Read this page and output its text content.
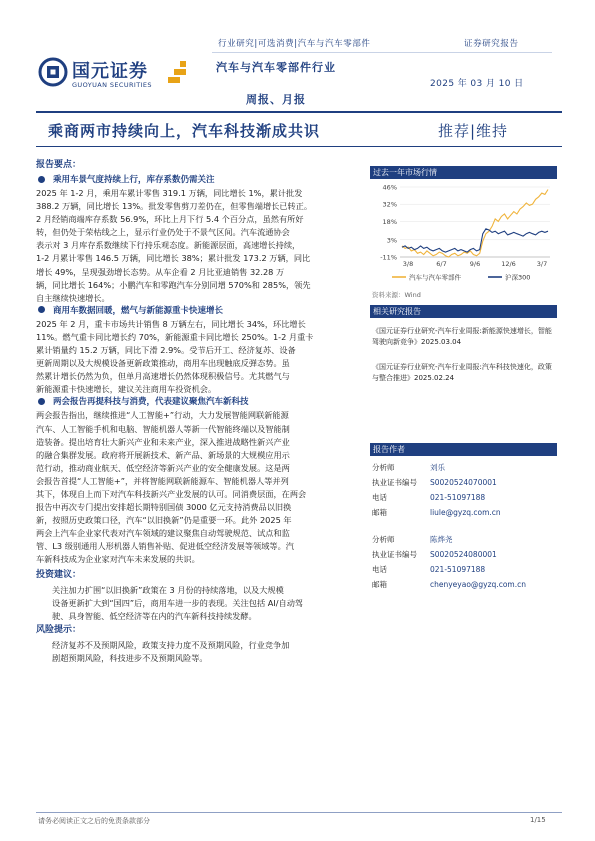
行业研究|可选消费|汽车与汽车零部件	证券研究报告
国元证券
GUOYUAN SECURITIES
汽车与汽车零部件行业
2025 年 03 月 10 日
周报、月报
乘商两市持续向上，汽车科技渐成共识	推荐|维持
报告要点：
乘用车景气度持续上行，库存系数仍需关注
2025 年 1-2 月，乘用车累计零售 319.1 万辆，同比增长 1%，累计批发
388.2 万辆，同比增长 13%。批发零售剪刀差仍在，但零售端增长已转正。
2 月经销商端库存系数 56.9%，环比上月下行 5.4 个百分点，虽然有所好
转，但仍处于荣枯线之上，显示行业仍处于不景气区间。汽车流通协会
表示对 3 月库存系数继续下行持乐观态度。新能源层面，高速增长持续，
1-2 月累计零售 146.5 万辆，同比增长 38%；累计批发 173.2 万辆，同比
增长 49%，呈现强劲增长态势。从车企看 2 月比亚迪销售 32.28 万
辆，同比增长 164%；小鹏汽车和零跑汽车分别同增 570%和 285%，领先
自主继续快速增长。
商用车数据回暖，燃气与新能源重卡快速增长
2025 年 2 月，重卡市场共计销售 8 万辆左右，同比增长 34%，环比增长
11%。燃气重卡同比增长约 70%，新能源重卡同比增长 250%。1-2 月重卡
累计销量约 15.2 万辆，同比下滑 2.9%。受节后开工、经济复苏、设备
更新周期以及大规模设备更新政策推动，商用车出现触底反弹态势。虽
然累计增长仍然为负，但单月高速增长仍然体现积极信号。尤其燃气与
新能源重卡快速增长，建议关注商用车投资机会。
两会报告再提科技与消费，代表建议聚焦汽车新科技
两会报告指出，继续推进“人工智能+”行动，大力发展智能网联新能源
汽车、人工智能手机和电脑、智能机器人等新一代智能终端以及智能制
造装备。提出培育壮大新兴产业和未来产业，深入推进战略性新兴产业
的融合集群发展。政府将开展新技术、新产品、新场景的大规模应用示
范行动，推动商业航天、低空经济等新兴产业的安全健康发展。这是两
会报告首提“人工智能+”，并将智能网联新能源车、智能机器人等并列
其下，体现自上而下对汽车科技新兴产业发展的认可。同消费层面，在两会
报告中再次专门提出安排超长期特别国债 3000 亿元支持消费品以旧换
新，按照历史政策口径，汽车“以旧换新”仍是重要一环。此外 2025 年
两会上汽车企业家代表对汽车领域的建议聚焦自动驾驶规范、试点和监
管、L3 级别通用人形机器人销售补贴、促进低空经济发展等领域等。汽
车新科技成为企业家对汽车未来发展的共识。
投资建议：
关注加力扩围“以旧换新”政策在 3 月份的持续落地，以及大规模
设备更新扩大到“国四”后，商用车进一步的表现。关注包括 AI/自动驾
驶、具身智能、低空经济等在内的汽车新科技持续发酵。
风险提示：
经济复苏不及预期风险，政策支持力度不及预期风险，行业竞争加
剧超预期风险，科技进步不及预期风险等。
过去一年市场行情
-11%
3%
18%
32%
46%
3/8	6/7	9/6	12/6	3/7
汽车与汽车零部件	沪深300
资料来源：Wind
相关研究报告
《国元证券行业研究-汽车行业周报:新能源快速增长，智能驾驶向新竞争》2025.03.04
《国元证券行业研究-汽车行业周报:汽车科技快速化，政策与整合推进》2025.02.24
报告作者
分析师	刘乐
执业证书编号 S0020524070001
电话	021-51097188
邮箱	liule@gyzq.com.cn
分析师	陈烨尧
执业证书编号 S0020524080001
电话	021-51097188
邮箱	chenyeyao@gyzq.com.cn
请务必阅读正文之后的免责条款部分	1/15
